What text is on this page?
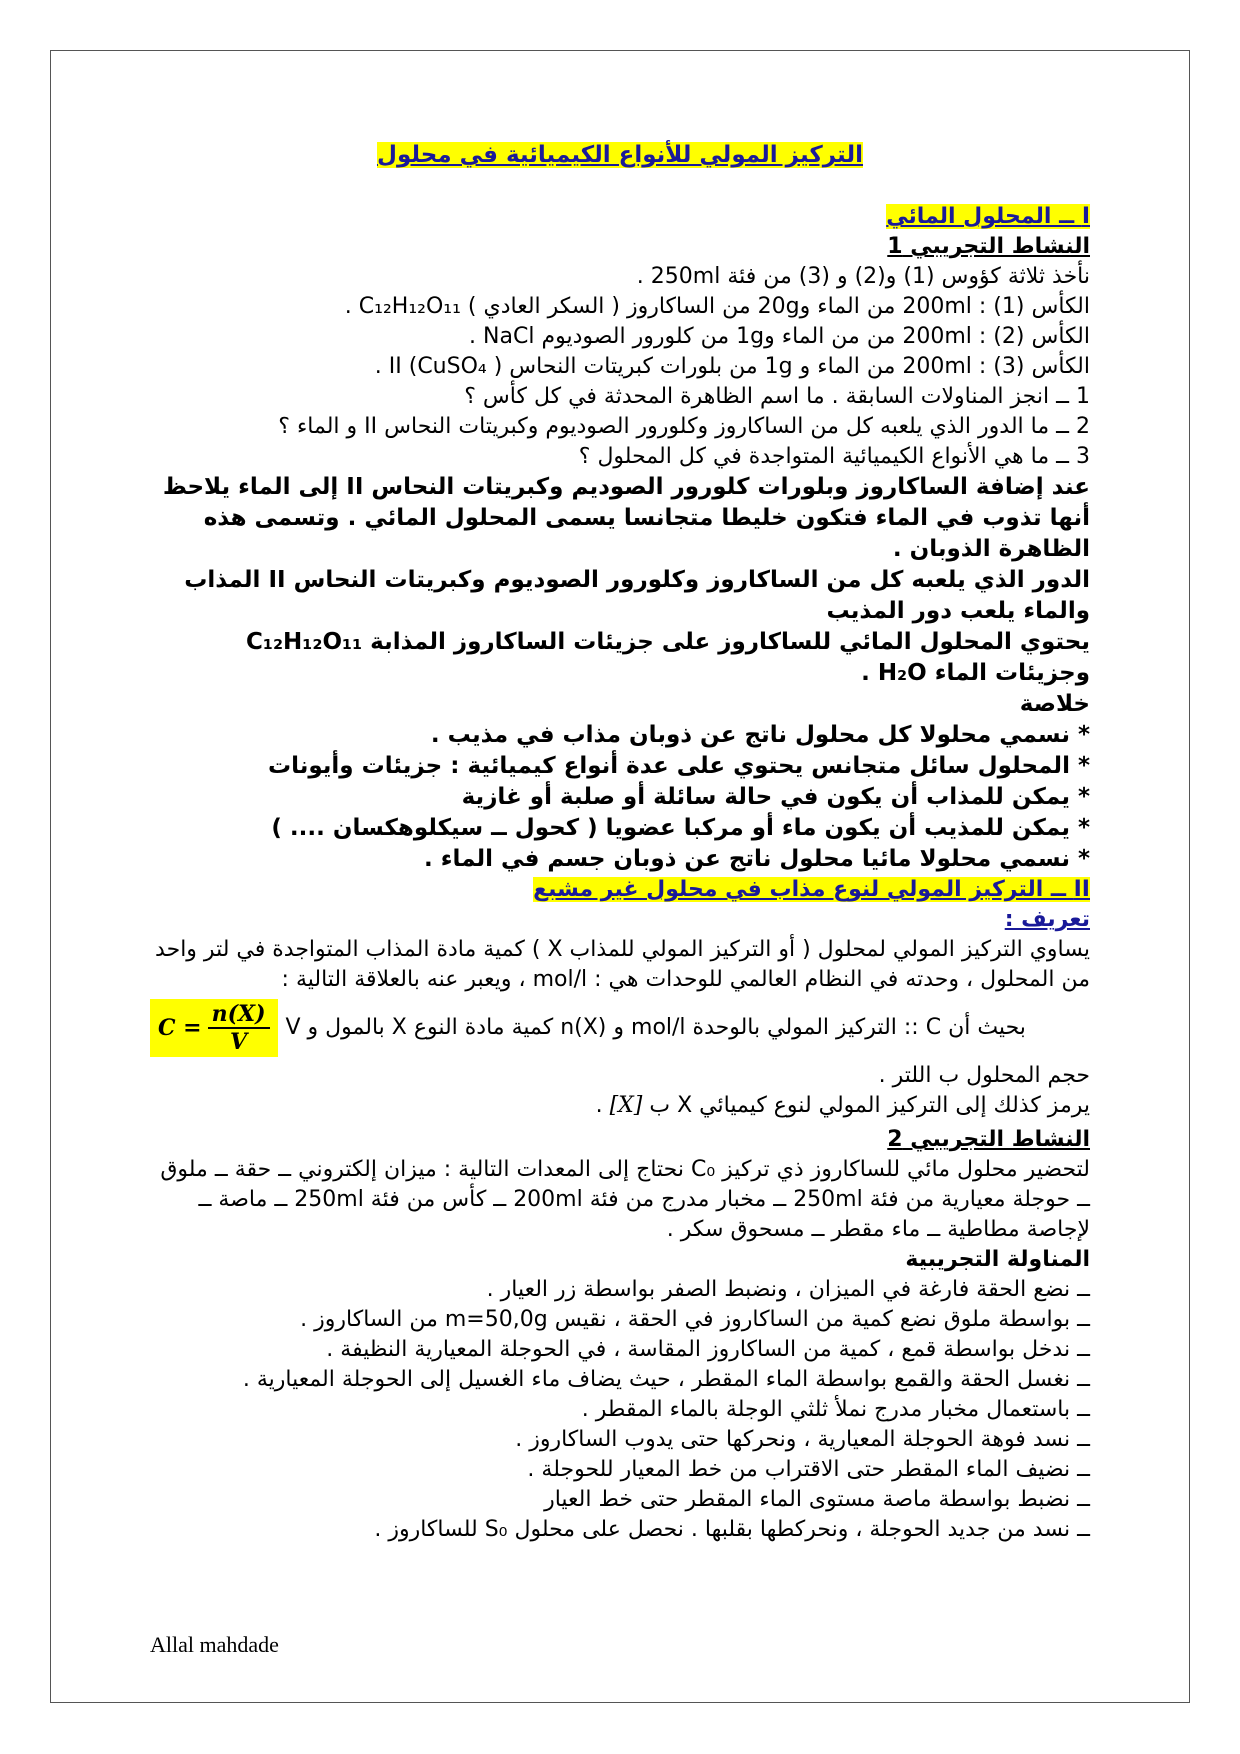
التركيز المولي للأنواع الكيميائية في محلول

I ــ المحلول المائي

النشاط التجريبي 1

نأخذ ثلاثة كؤوس (1) و(2) و (3) من فئة 250ml .

الكأس (1) : 200ml من الماء و20g من الساكاروز ( السكر العادي ) C₁₂H₁₂O₁₁ .

الكأس (2) : 200ml من من الماء و1g من كلورور الصوديوم NaCl .

الكأس (3) : 200ml من الماء و 1g من بلورات كبريتات النحاس II (CuSO₄ ) .

1 ــ انجز المناولات السابقة . ما اسم الظاهرة المحدثة في كل كأس ؟

2 ــ ما الدور الذي يلعبه كل من الساكاروز وكلورور الصوديوم وكبريتات النحاس II و الماء ؟

3 ــ ما هي الأنواع الكيميائية المتواجدة في كل المحلول ؟

عند إضافة الساكاروز وبلورات كلورور الصوديم وكبريتات النحاس II إلى الماء يلاحظ أنها تذوب في الماء فتكون خليطا متجانسا يسمى المحلول المائي . وتسمى هذه الظاهرة الذوبان .

الدور الذي يلعبه كل من الساكاروز وكلورور الصوديوم وكبريتات النحاس II المذاب والماء يلعب دور المذيب

يحتوي المحلول المائي للساكاروز على جزيئات الساكاروز المذابة C₁₂H₁₂O₁₁ وجزيئات الماء H₂O .

خلاصة

* نسمي محلولا كل محلول ناتج عن ذوبان مذاب في مذيب .

* المحلول سائل متجانس يحتوي على عدة أنواع كيميائية : جزيئات وأيونات

* يمكن للمذاب أن يكون في حالة سائلة أو صلبة أو غازية

* يمكن للمذيب أن يكون ماء أو مركبا عضويا ( كحول ــ سيكلوهكسان .... )

* نسمي محلولا مائيا محلول ناتج عن ذوبان جسم في الماء .

II ــ التركيز المولي لنوع مذاب في محلول غير مشبع

تعريف :

يساوي التركيز المولي لمحلول ( أو التركيز المولي للمذاب X ) كمية مادة المذاب المتواجدة في لتر واحد من المحلول ، وحدته في النظام العالمي للوحدات هي : mol/l ، ويعبر عنه بالعلاقة التالية :

$C = \frac{n(X)}{V}$ بحيث أن C :: التركيز المولي بالوحدة mol/l و n(X) كمية مادة النوع X بالمول و V

حجم المحلول ب اللتر .

يرمز كذلك إلى التركيز المولي لنوع كيميائي X ب [X] .

النشاط التجريبي 2

لتحضير محلول مائي للساكاروز ذي تركيز C₀ نحتاج إلى المعدات التالية : ميزان إلكتروني ــ حقة ــ ملوق ــ حوجلة معيارية من فئة 250ml ــ مخبار مدرج من فئة 200ml ــ كأس من فئة 250ml ــ ماصة ــ لإجاصة مطاطية ــ ماء مقطر ــ مسحوق سكر .

المناولة التجريبية

ــ نضع الحقة فارغة في الميزان ، ونضبط الصفر بواسطة زر العيار .

ــ بواسطة ملوق نضع كمية من الساكاروز في الحقة ، نقيس m=50,0g من الساكاروز .

ــ ندخل بواسطة قمع ، كمية من الساكاروز المقاسة ، في الحوجلة المعيارية النظيفة .

ــ نغسل الحقة والقمع بواسطة الماء المقطر ، حيث يضاف ماء الغسيل إلى الحوجلة المعيارية .

ــ باستعمال مخبار مدرج نملأ ثلثي الوجلة بالماء المقطر .

ــ نسد فوهة الحوجلة المعيارية ، ونحركها حتى يدوب الساكاروز .

ــ نضيف الماء المقطر حتى الاقتراب من خط المعيار للحوجلة .

ــ نضبط بواسطة ماصة مستوى الماء المقطر حتى خط العيار

ــ نسد من جديد الحوجلة ، ونحركطها بقلبها . نحصل على محلول S₀ للساكاروز .

Allal mahdade
